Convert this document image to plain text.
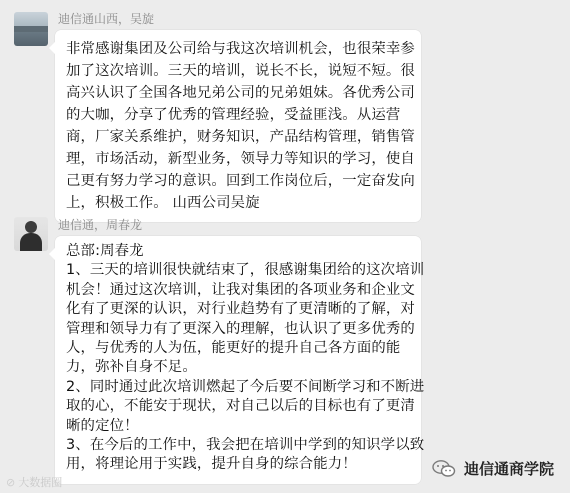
迪信通山西，吴旋
非常感谢集团及公司给与我这次培训机会，也很荣幸参
加了这次培训。三天的培训，说长不长，说短不短。很
高兴认识了全国各地兄弟公司的兄弟姐妹。各优秀公司
的大咖，分享了优秀的管理经验，受益匪浅。从运营
商，厂家关系维护，财务知识，产品结构管理，销售管
理，市场活动，新型业务，领导力等知识的学习，使自
己更有努力学习的意识。回到工作岗位后，一定奋发向
上，积极工作。 山西公司吴旋
迪信通，周春龙
总部:周春龙
1、三天的培训很快就结束了，很感谢集团给的这次培训
机会！通过这次培训，让我对集团的各项业务和企业文
化有了更深的认识，对行业趋势有了更清晰的了解，对
管理和领导力有了更深入的理解，也认识了更多优秀的
人，与优秀的人为伍，能更好的提升自己各方面的能
力，弥补自身不足。
2、同时通过此次培训燃起了今后要不间断学习和不断进
取的心，不能安于现状，对自己以后的目标也有了更清
晰的定位！
3、在今后的工作中，我会把在培训中学到的知识学以致
用，将理论用于实践，提升自身的综合能力！
⊘ 大数据圈
迪信通商学院
